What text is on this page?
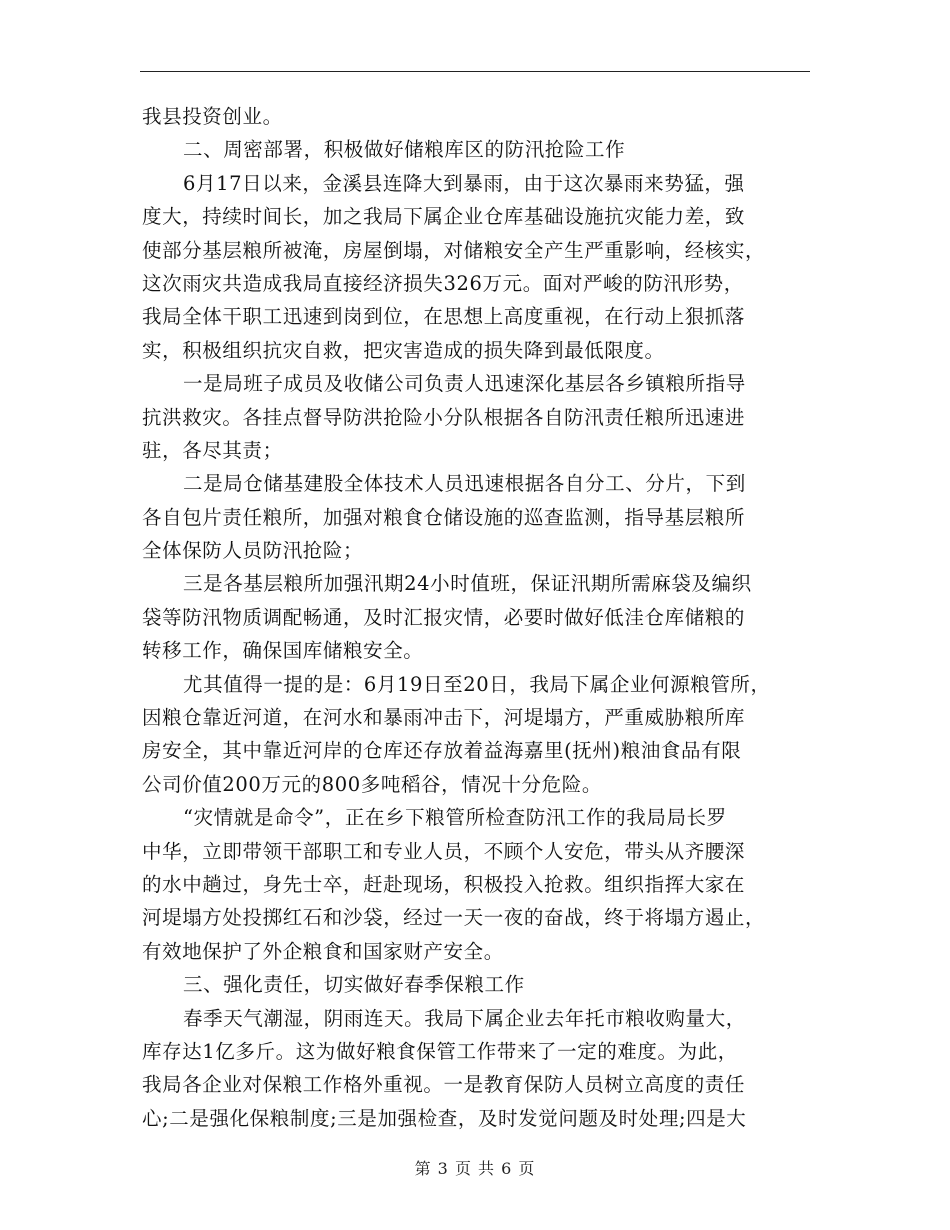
我县投资创业。
二、周密部署，积极做好储粮库区的防汛抢险工作
6月17日以来，金溪县连降大到暴雨，由于这次暴雨来势猛，强
度大，持续时间长，加之我局下属企业仓库基础设施抗灾能力差，致
使部分基层粮所被淹，房屋倒塌，对储粮安全产生严重影响，经核实，
这次雨灾共造成我局直接经济损失326万元。面对严峻的防汛形势，
我局全体干职工迅速到岗到位，在思想上高度重视，在行动上狠抓落
实，积极组织抗灾自救，把灾害造成的损失降到最低限度。
一是局班子成员及收储公司负责人迅速深化基层各乡镇粮所指导
抗洪救灾。各挂点督导防洪抢险小分队根据各自防汛责任粮所迅速进
驻，各尽其责；
二是局仓储基建股全体技术人员迅速根据各自分工、分片，下到
各自包片责任粮所，加强对粮食仓储设施的巡查监测，指导基层粮所
全体保防人员防汛抢险；
三是各基层粮所加强汛期24小时值班，保证汛期所需麻袋及编织
袋等防汛物质调配畅通，及时汇报灾情，必要时做好低洼仓库储粮的
转移工作，确保国库储粮安全。
尤其值得一提的是：6月19日至20日，我局下属企业何源粮管所，
因粮仓靠近河道，在河水和暴雨冲击下，河堤塌方，严重威胁粮所库
房安全，其中靠近河岸的仓库还存放着益海嘉里(抚州)粮油食品有限
公司价值200万元的800多吨稻谷，情况十分危险。
“灾情就是命令”，正在乡下粮管所检查防汛工作的我局局长罗
中华，立即带领干部职工和专业人员，不顾个人安危，带头从齐腰深
的水中趟过，身先士卒，赶赴现场，积极投入抢救。组织指挥大家在
河堤塌方处投掷红石和沙袋，经过一天一夜的奋战，终于将塌方遏止，
有效地保护了外企粮食和国家财产安全。
三、强化责任，切实做好春季保粮工作
春季天气潮湿，阴雨连天。我局下属企业去年托市粮收购量大，
库存达1亿多斤。这为做好粮食保管工作带来了一定的难度。为此，
我局各企业对保粮工作格外重视。一是教育保防人员树立高度的责任
心;二是强化保粮制度;三是加强检查，及时发觉问题及时处理;四是大
第 3 页 共 6 页
